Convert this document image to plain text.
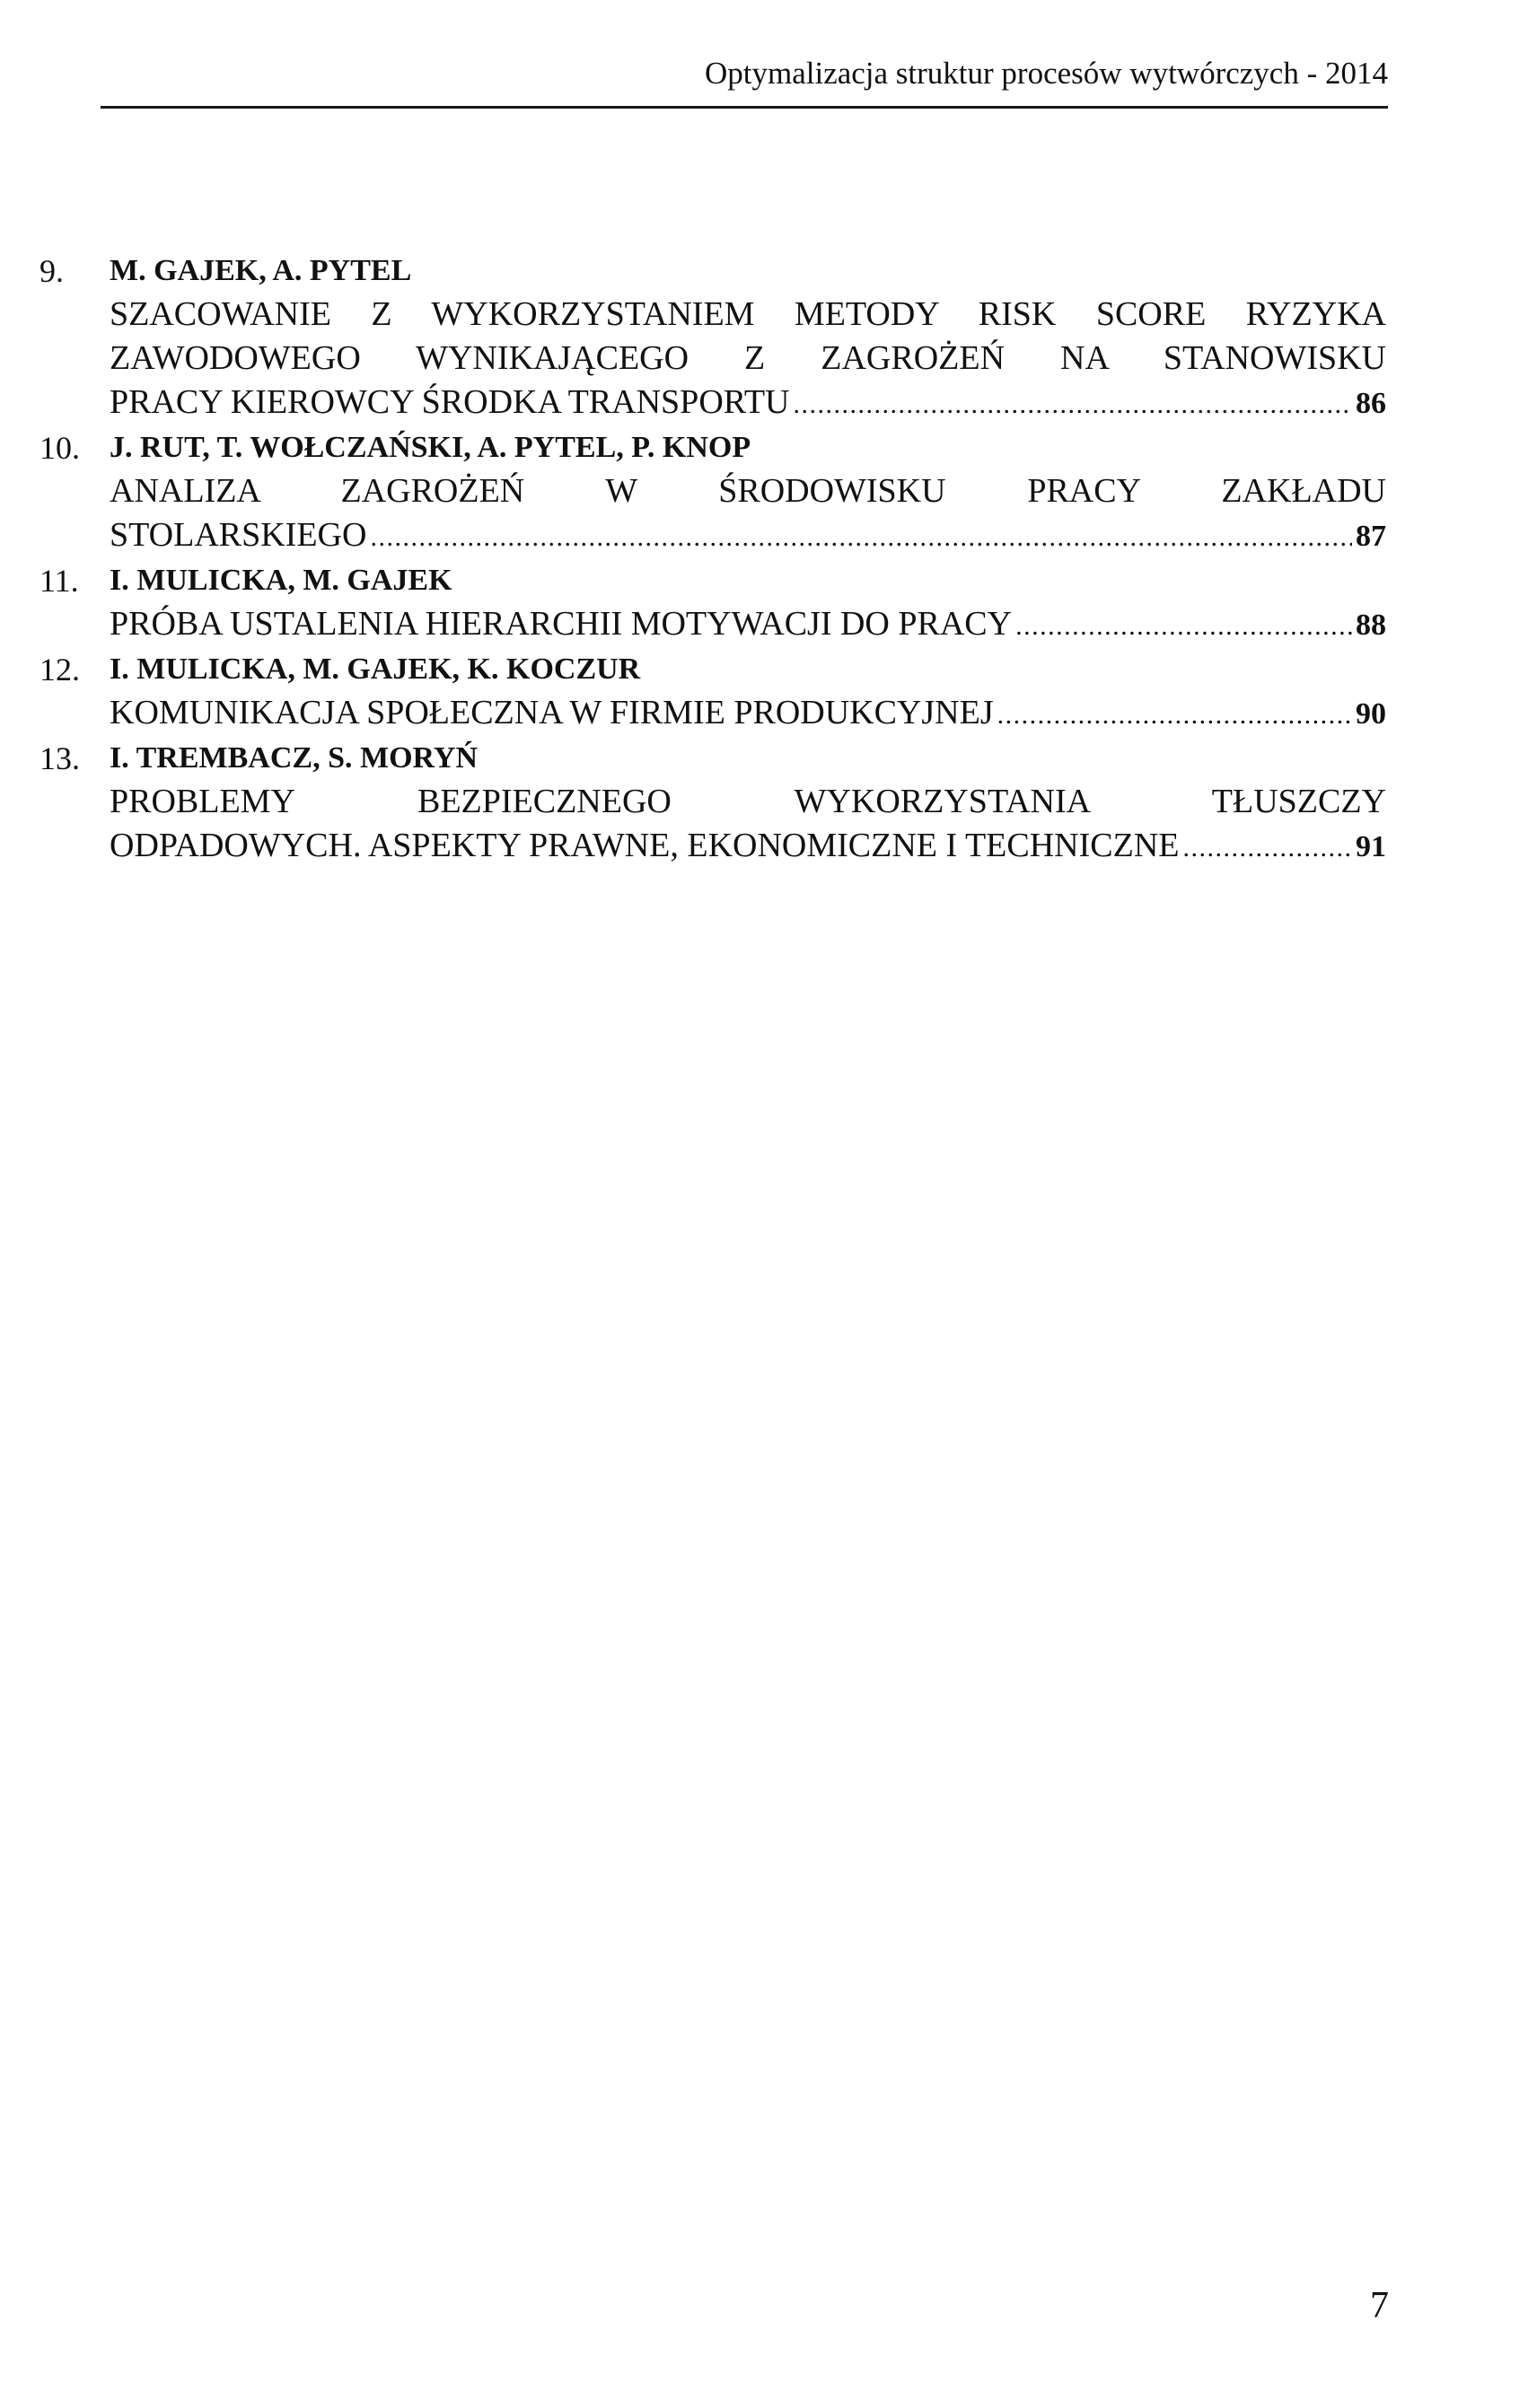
Optymalizacja struktur procesów wytwórczych - 2014
9. M. GAJEK, A. PYTEL
SZACOWANIE Z WYKORZYSTANIEM METODY RISK SCORE RYZYKA
ZAWODOWEGO WYNIKAJĄCEGO Z ZAGROŻEŃ NA STANOWISKU
PRACY KIEROWCY ŚRODKA TRANSPORTU . . .	86
10. J. RUT, T. WOŁCZAŃSKI, A. PYTEL, P. KNOP
ANALIZA ZAGROŻEŃ W ŚRODOWISKU PRACY ZAKŁADU
STOLARSKIEGO . . .	87
11. I. MULICKA, M. GAJEK
PRÓBA USTALENIA HIERARCHII MOTYWACJI DO PRACY . . .	88
12. I. MULICKA, M. GAJEK, K. KOCZUR
KOMUNIKACJA SPOŁECZNA W FIRMIE PRODUKCYJNEJ . . .	90
13. I. TREMBACZ, S. MORYŃ
PROBLEMY BEZPIECZNEGO WYKORZYSTANIA TŁUSZCZY
ODPADOWYCH. ASPEKTY PRAWNE, EKONOMICZNE I TECHNICZNE . . .	91
7
